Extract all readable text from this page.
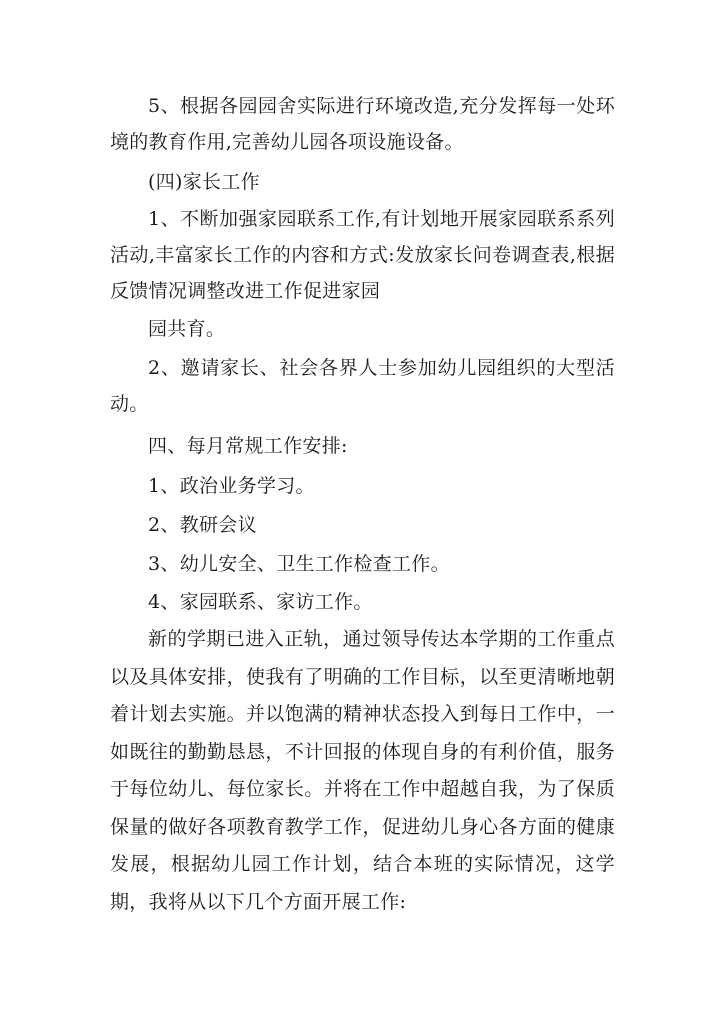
5、根据各园园舍实际进行环境改造,充分发挥每一处环境的教育作用,完善幼儿园各项设施设备。

(四)家长工作

1、不断加强家园联系工作,有计划地开展家园联系系列活动,丰富家长工作的内容和方式:发放家长问卷调查表,根据反馈情况调整改进工作促进家园

园共育。

2、邀请家长、社会各界人士参加幼儿园组织的大型活动。

四、每月常规工作安排:

1、政治业务学习。

2、教研会议

3、幼儿安全、卫生工作检查工作。

4、家园联系、家访工作。

新的学期已进入正轨，通过领导传达本学期的工作重点以及具体安排，使我有了明确的工作目标，以至更清晰地朝着计划去实施。并以饱满的精神状态投入到每日工作中，一如既往的勤勤恳恳，不计回报的体现自身的有利价值，服务于每位幼儿、每位家长。并将在工作中超越自我，为了保质保量的做好各项教育教学工作，促进幼儿身心各方面的健康发展，根据幼儿园工作计划，结合本班的实际情况，这学期，我将从以下几个方面开展工作:
